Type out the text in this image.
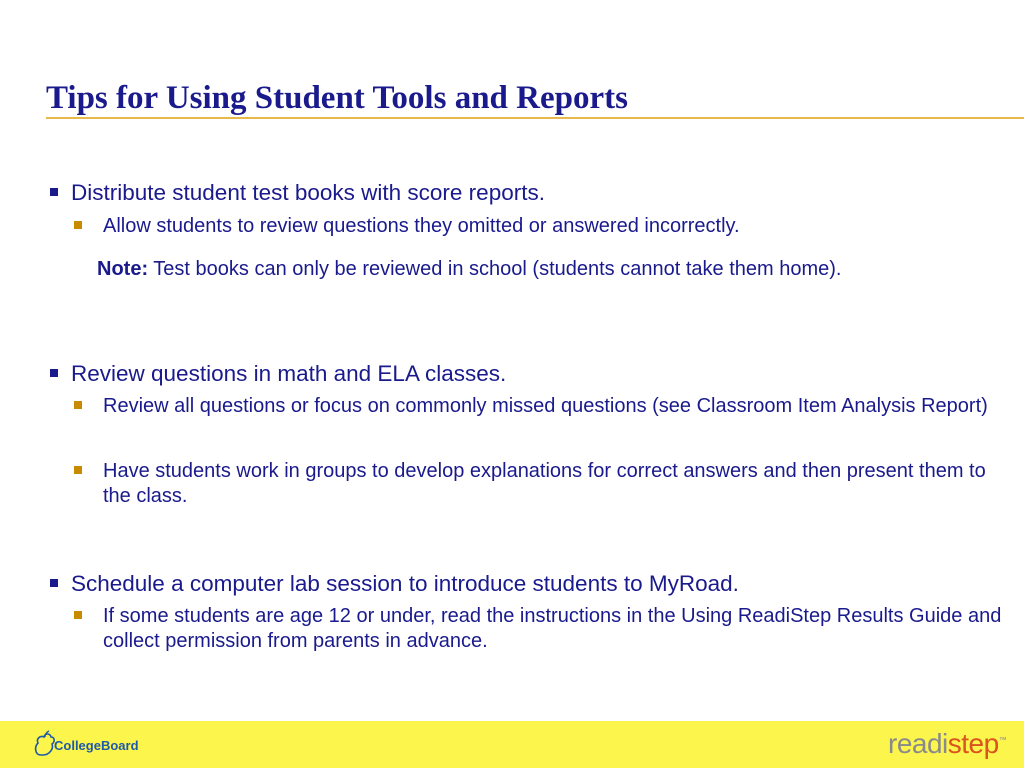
Tips for Using Student Tools and Reports
Distribute student test books with score reports.
Allow students to review questions they omitted or answered incorrectly.
Note: Test books can only be reviewed in school (students cannot take them home).
Review questions in math and ELA classes.
Review all questions or focus on commonly missed questions (see Classroom Item Analysis Report)
Have students work in groups to develop explanations for correct answers and then present them to the class.
Schedule a computer lab session to introduce students to MyRoad.
If some students are age 12 or under, read the instructions in the Using ReadiStep Results Guide and collect permission from parents in advance.
CollegeBoard	readistep™
